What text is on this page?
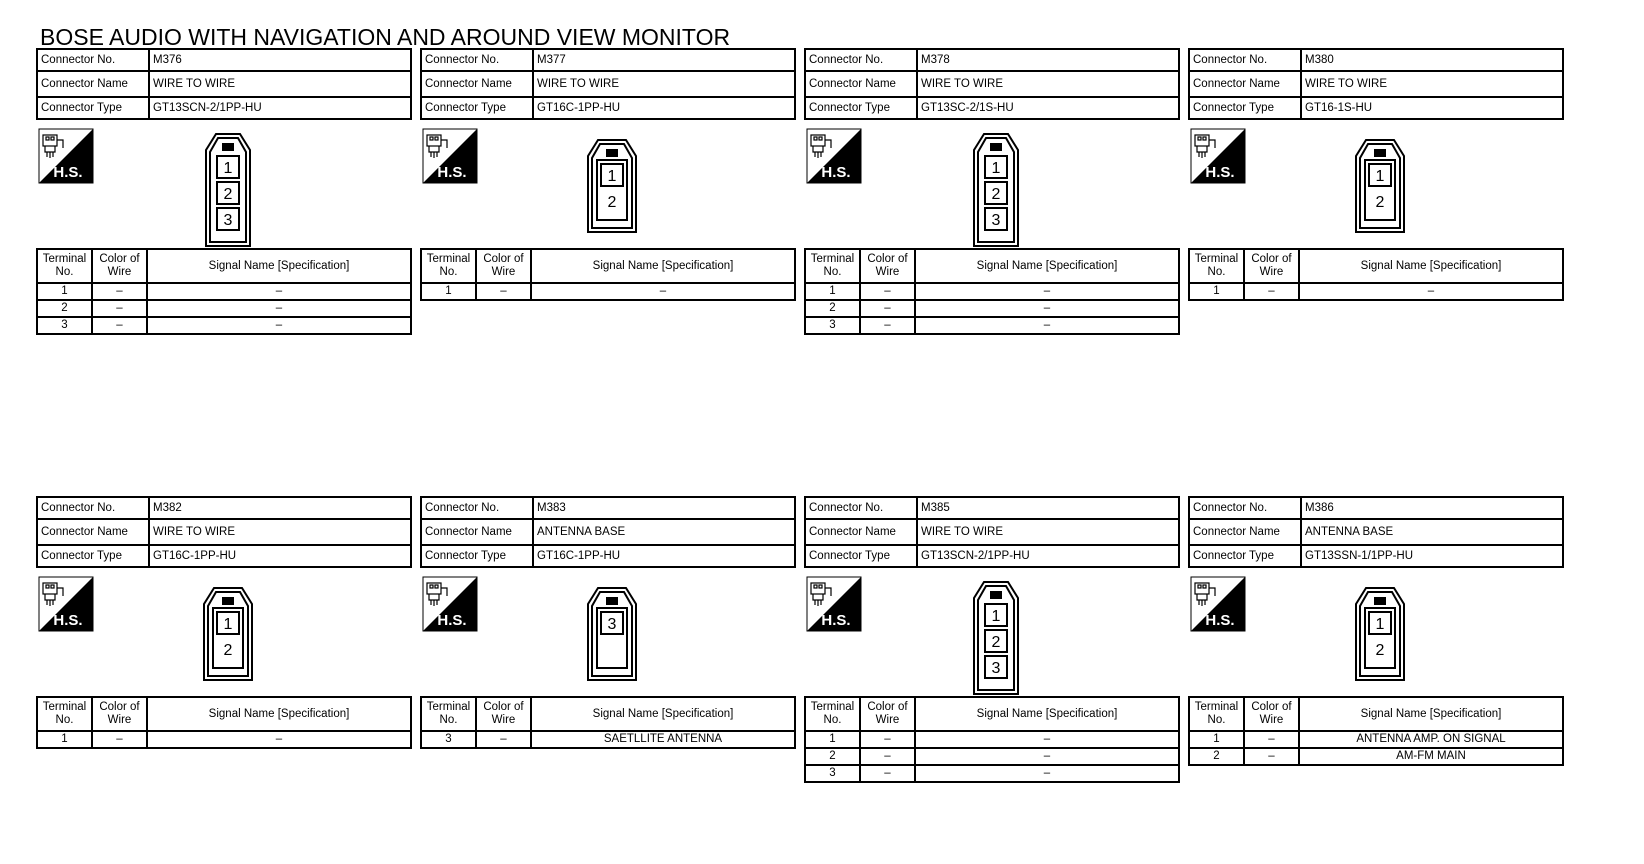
BOSE AUDIO WITH NAVIGATION AND AROUND VIEW MONITOR
Connector No.	M376
Connector Name	WIRE TO WIRE
Connector Type	GT13SCN-2/1PP-HU
H.S.	1
2
3
Terminal No.	Color of Wire	Signal Name [Specification]
1	–	–
2	–	–
3	–	–
Connector No.	M377
Connector Name	WIRE TO WIRE
Connector Type	GT16C-1PP-HU
H.S.	1
2
Terminal No.	Color of Wire	Signal Name [Specification]
1	–	–
Connector No.	M378
Connector Name	WIRE TO WIRE
Connector Type	GT13SC-2/1S-HU
H.S.	1
2
3
Terminal No.	Color of Wire	Signal Name [Specification]
1	–	–
2	–	–
3	–	–
Connector No.	M380
Connector Name	WIRE TO WIRE
Connector Type	GT16-1S-HU
H.S.	1
2
Terminal No.	Color of Wire	Signal Name [Specification]
1	–	–
Connector No.	M382
Connector Name	WIRE TO WIRE
Connector Type	GT16C-1PP-HU
H.S.	1
2
Terminal No.	Color of Wire	Signal Name [Specification]
1	–	–
Connector No.	M383
Connector Name	ANTENNA BASE
Connector Type	GT16C-1PP-HU
H.S.	3
Terminal No.	Color of Wire	Signal Name [Specification]
3	–	SAETLLITE ANTENNA
Connector No.	M385
Connector Name	WIRE TO WIRE
Connector Type	GT13SCN-2/1PP-HU
H.S.	1
2
3
Terminal No.	Color of Wire	Signal Name [Specification]
1	–	–
2	–	–
3	–	–
Connector No.	M386
Connector Name	ANTENNA BASE
Connector Type	GT13SSN-1/1PP-HU
H.S.	1
2
Terminal No.	Color of Wire	Signal Name [Specification]
1	–	ANTENNA AMP. ON SIGNAL
2	–	AM-FM MAIN
